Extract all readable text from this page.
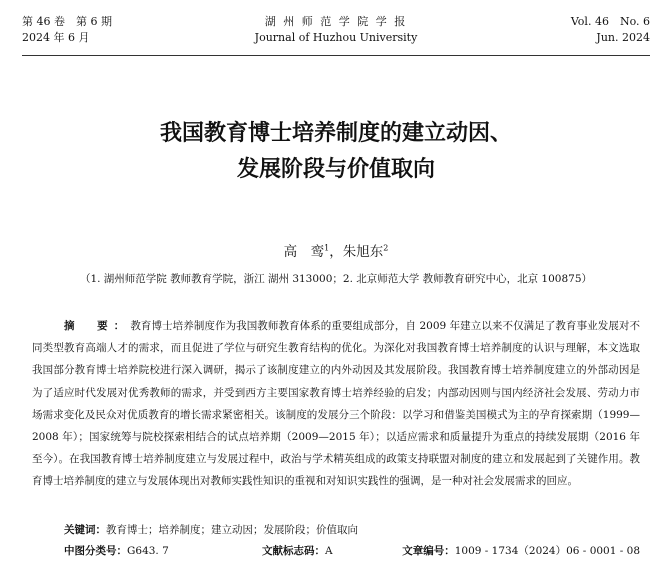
第 46 卷　第 6 期
2024 年 6 月
湖 州 师 范 学 院 学 报
Journal of Huzhou University
Vol. 46　No. 6
Jun. 2024
我国教育博士培养制度的建立动因、
发展阶段与价值取向
高　鸾$^1$，朱旭东$^2$
（1. 湖州师范学院 教师教育学院，浙江 湖州 313000；2. 北京师范大学 教师教育研究中心，北京 100875）
摘　要：教育博士培养制度作为我国教师教育体系的重要组成部分，自 2009 年建立以来不仅满足了教育事业发展对不同类型教育高端人才的需求，而且促进了学位与研究生教育结构的优化。为深化对我国教育博士培养制度的认识与理解，本文选取我国部分教育博士培养院校进行深入调研，揭示了该制度建立的内外动因及其发展阶段。我国教育博士培养制度建立的外部动因是为了适应时代发展对优秀教师的需求，并受到西方主要国家教育博士培养经验的启发；内部动因则与国内经济社会发展、劳动力市场需求变化及民众对优质教育的增长需求紧密相关。该制度的发展分三个阶段：以学习和借鉴美国模式为主的孕育探索期（1999—2008 年）；国家统筹与院校探索相结合的试点培养期（2009—2015 年）；以适应需求和质量提升为重点的持续发展期（2016 年至今）。在我国教育博士培养制度建立与发展过程中，政治与学术精英组成的政策支持联盟对制度的建立和发展起到了关键作用。教育博士培养制度的建立与发展体现出对教师实践性知识的重视和对知识实践性的强调，是一种对社会发展需求的回应。
关键词：教育博士；培养制度；建立动因；发展阶段；价值取向
中图分类号：G643. 7	文献标志码：A	文章编号：1009 - 1734（2024）06 - 0001 - 08
